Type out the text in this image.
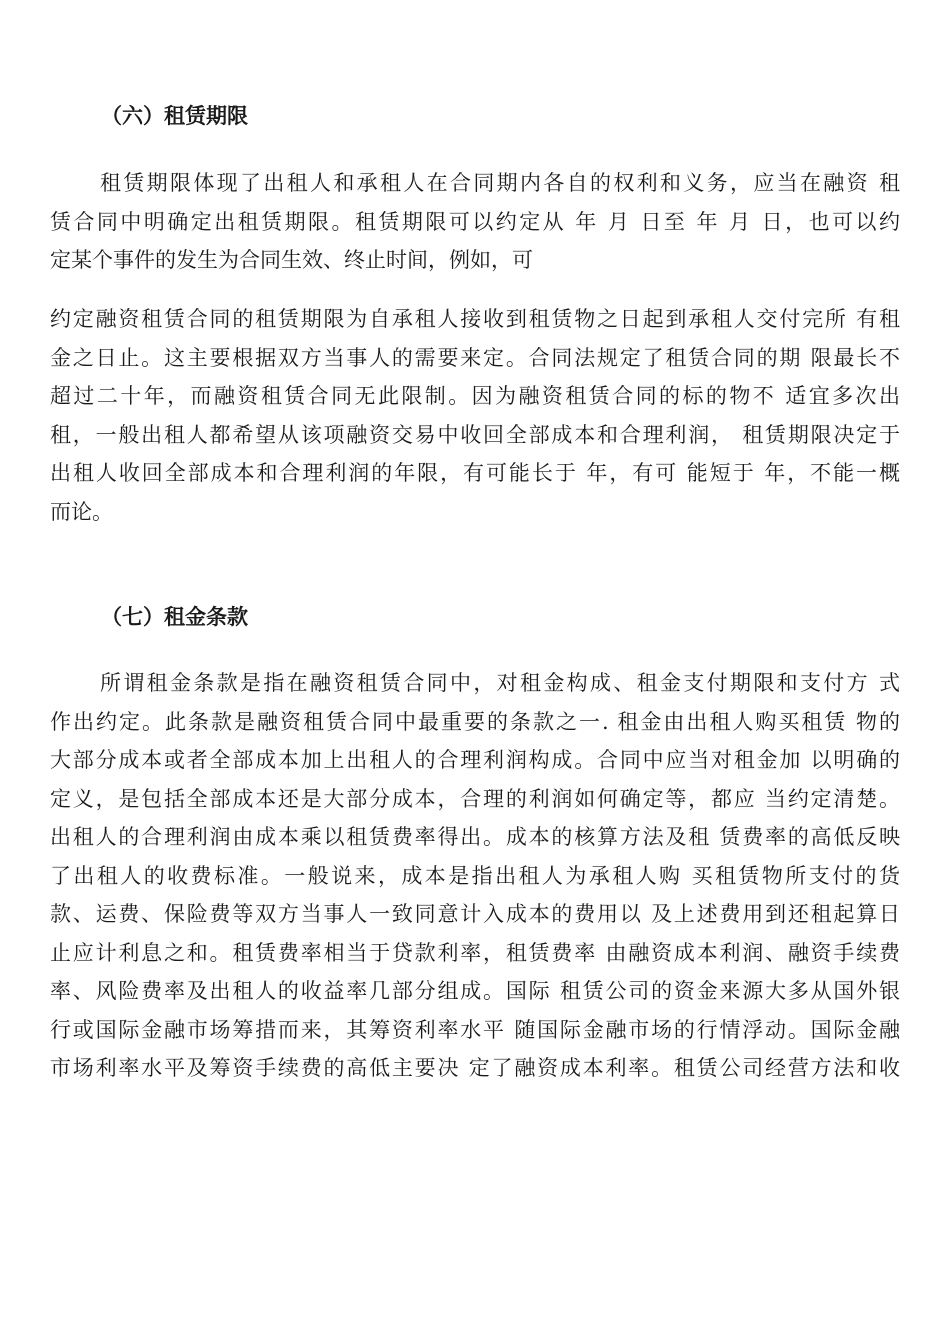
（六）租赁期限

租赁期限体现了出租人和承租人在合同期内各自的权利和义务，应当在融资 租
赁合同中明确定出租赁期限。租赁期限可以约定从 年 月 日至 年 月 日，也可以约
定某个事件的发生为合同生效、终止时间，例如，可

约定融资租赁合同的租赁期限为自承租人接收到租赁物之日起到承租人交付完所 有租
金之日止。这主要根据双方当事人的需要来定。合同法规定了租赁合同的期 限最长不
超过二十年，而融资租赁合同无此限制。因为融资租赁合同的标的物不 适宜多次出
租，一般出租人都希望从该项融资交易中收回全部成本和合理利润， 租赁期限决定于
出租人收回全部成本和合理利润的年限，有可能长于 年，有可 能短于 年，不能一概
而论。

（七）租金条款

所谓租金条款是指在融资租赁合同中，对租金构成、租金支付期限和支付方 式
作出约定。此条款是融资租赁合同中最重要的条款之一. 租金由出租人购买租赁 物的
大部分成本或者全部成本加上出租人的合理利润构成。合同中应当对租金加 以明确的
定义，是包括全部成本还是大部分成本，合理的利润如何确定等，都应 当约定清楚。
出租人的合理利润由成本乘以租赁费率得出。成本的核算方法及租 赁费率的高低反映
了出租人的收费标准。一般说来，成本是指出租人为承租人购 买租赁物所支付的货
款、运费、保险费等双方当事人一致同意计入成本的费用以 及上述费用到还租起算日
止应计利息之和。租赁费率相当于贷款利率，租赁费率 由融资成本利润、融资手续费
率、风险费率及出租人的收益率几部分组成。国际 租赁公司的资金来源大多从国外银
行或国际金融市场筹措而来，其筹资利率水平 随国际金融市场的行情浮动。国际金融
市场利率水平及筹资手续费的高低主要决 定了融资成本利率。租赁公司经营方法和收
